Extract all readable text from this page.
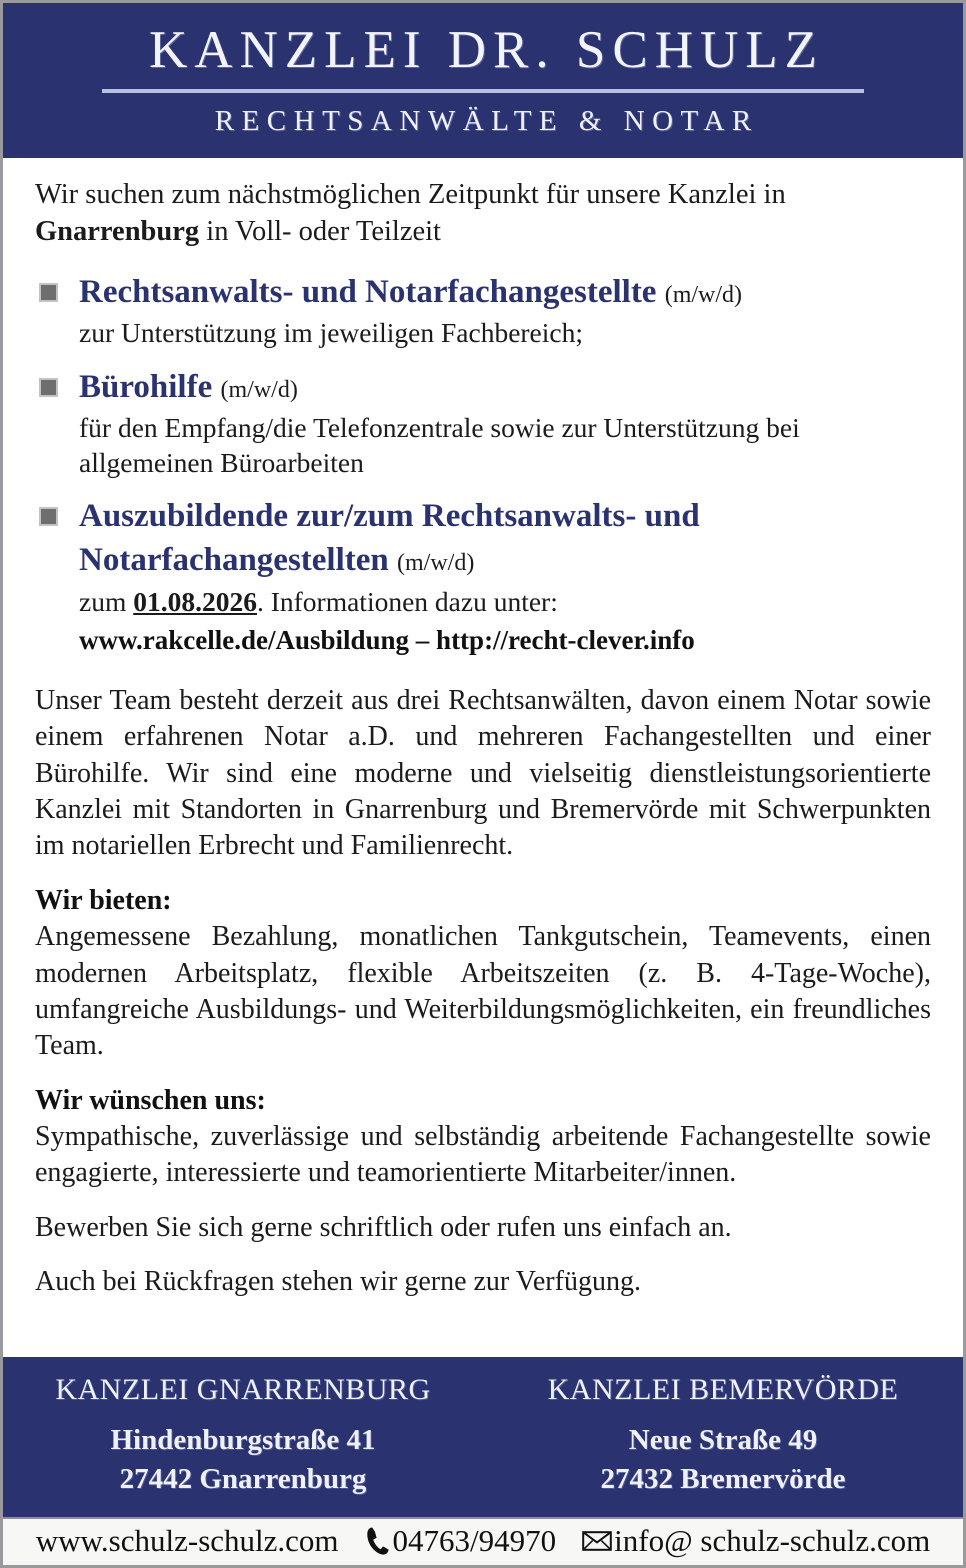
KANZLEI DR. SCHULZ
RECHTSANWÄLTE & NOTAR

Wir suchen zum nächstmöglichen Zeitpunkt für unsere Kanzlei in Gnarrenburg in Voll- oder Teilzeit

Rechtsanwalts- und Notarfachangestellte (m/w/d)

zur Unterstützung im jeweiligen Fachbereich;

Bürohilfe (m/w/d)

für den Empfang/die Telefonzentrale sowie zur Unterstützung bei allgemeinen Büroarbeiten

Auszubildende zur/zum Rechtsanwalts- und Notarfachangestellten (m/w/d)

zum 01.08.2026. Informationen dazu unter:

www.rakcelle.de/Ausbildung – http://recht-clever.info

Unser Team besteht derzeit aus drei Rechtsanwälten, davon einem Notar sowie einem erfahrenen Notar a.D. und mehreren Fachangestellten und einer Bürohilfe. Wir sind eine moderne und vielseitig dienstleistungsorientierte Kanzlei mit Standorten in Gnarrenburg und Bremervörde mit Schwerpunkten im notariellen Erbrecht und Familienrecht.

Wir bieten:

Angemessene Bezahlung, monatlichen Tankgutschein, Teamevents, einen modernen Arbeitsplatz, flexible Arbeitszeiten (z. B. 4-Tage-Woche), umfangreiche Ausbildungs- und Weiterbildungsmöglichkeiten, ein freundliches Team.

Wir wünschen uns:

Sympathische, zuverlässige und selbständig arbeitende Fachangestellte sowie engagierte, interessierte und teamorientierte Mitarbeiter/innen.

Bewerben Sie sich gerne schriftlich oder rufen uns einfach an.

Auch bei Rückfragen stehen wir gerne zur Verfügung.

KANZLEI GNARRENBURG
Hindenburgstraße 41
27442 Gnarrenburg
KANZLEI BEMERVÖRDE
Neue Straße 49
27432 Bremervörde
www.schulz-schulz.com 04763/94970 info@ schulz-schulz.com
